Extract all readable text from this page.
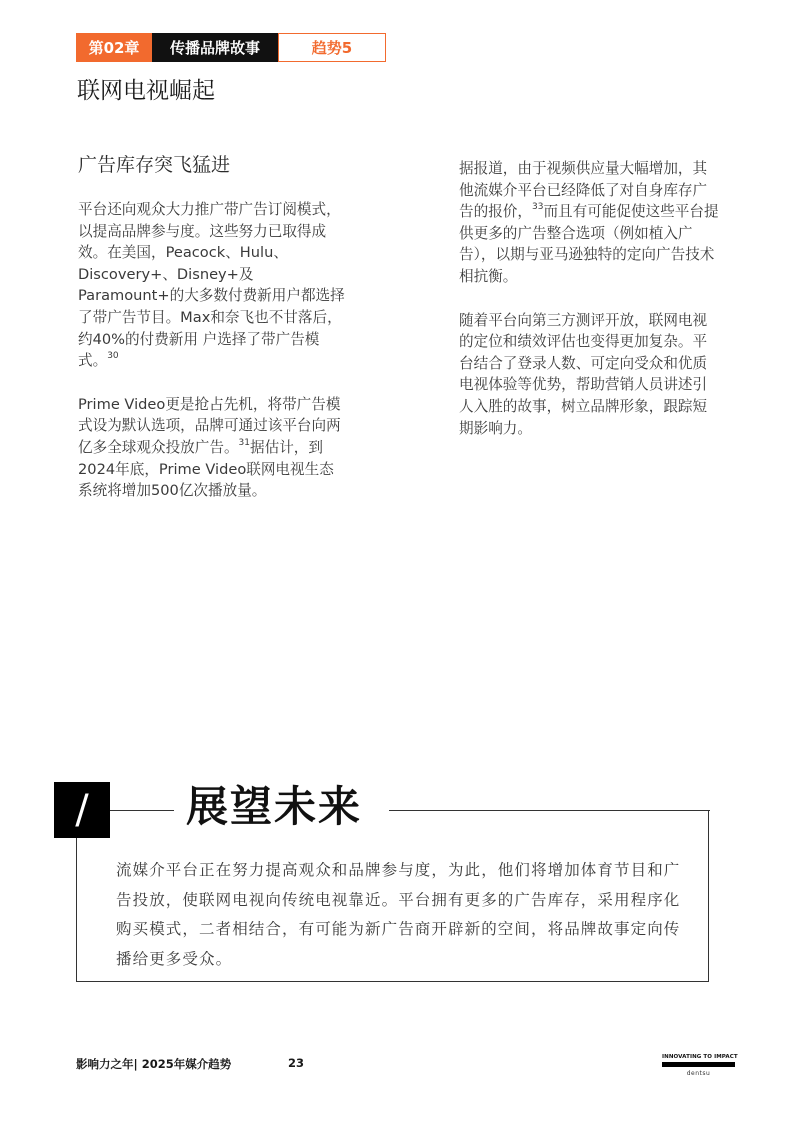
第02章	传播品牌故事	趋势5
联网电视崛起
广告库存突飞猛进

平台还向观众大力推广带广告订阅模式，以提高品牌参与度。这些努力已取得成效。在美国，Peacock、Hulu、Discovery+、Disney+及Paramount+的大多数付费新用户都选择了带广告节目。Max和奈飞也不甘落后，约40%的付费新用 户选择了带广告模式。$^{30}$

Prime Video更是抢占先机，将带广告模式设为默认选项，品牌可通过该平台向两亿多全球观众投放广告。$^{31}$据估计，到2024年底，Prime Video联网电视生态系统将增加500亿次播放量。

据报道，由于视频供应量大幅增加，其他流媒介平台已经降低了对自身库存广告的报价，$^{33}$而且有可能促使这些平台提供更多的广告整合选项（例如植入广告），以期与亚马逊独特的定向广告技术相抗衡。

随着平台向第三方测评开放，联网电视的定位和绩效评估也变得更加复杂。平台结合了登录人数、可定向受众和优质电视体验等优势，帮助营销人员讲述引人入胜的故事，树立品牌形象，跟踪短期影响力。

/	展望未来

流媒介平台正在努力提高观众和品牌参与度，为此，他们将增加体育节目和广告投放，使联网电视向传统电视靠近。平台拥有更多的广告库存，采用程序化购买模式，二者相结合，有可能为新广告商开辟新的空间，将品牌故事定向传播给更多受众。

影响力之年| 2025年媒介趋势	23	INNOVATING TO IMPACT
dentsu
